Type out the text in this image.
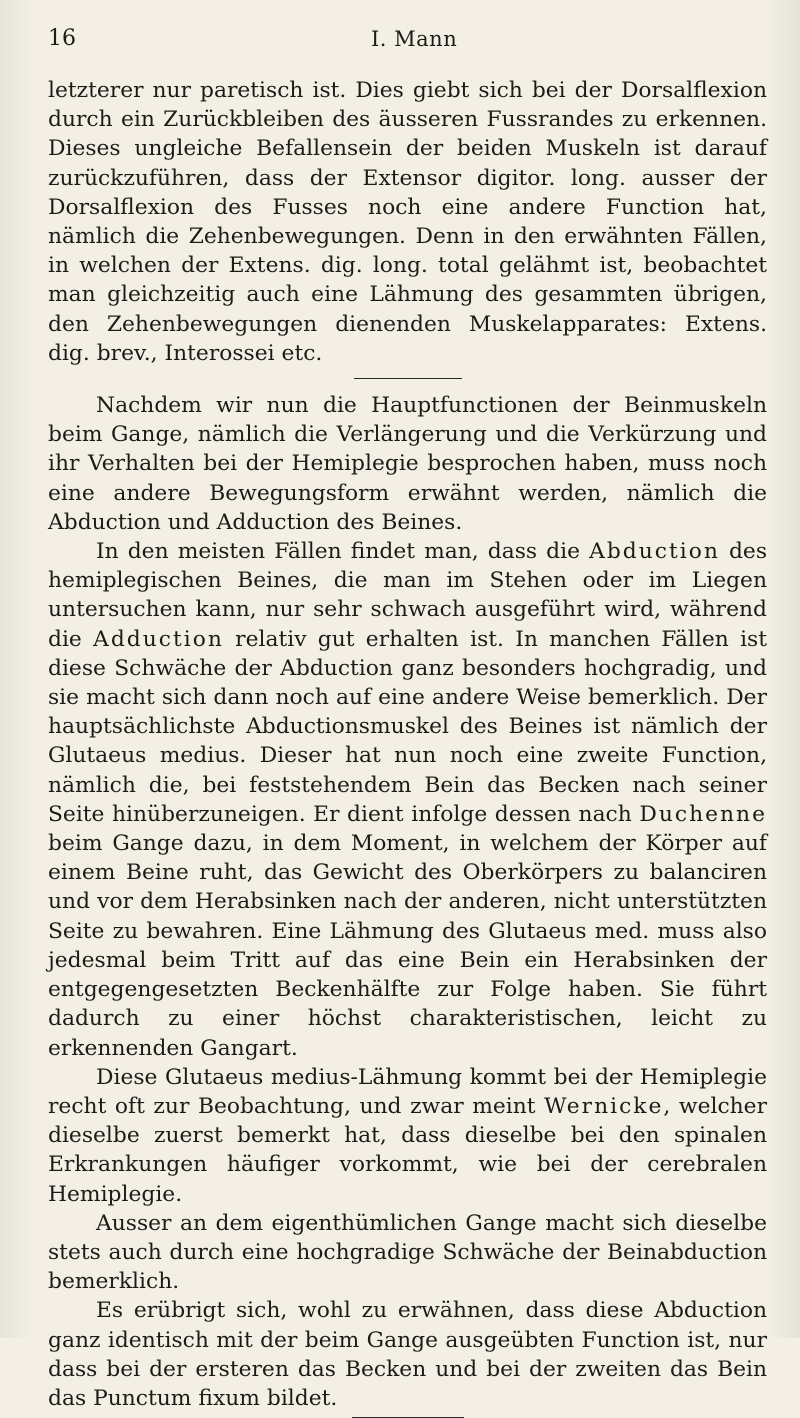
16	I. Mann

letzterer nur paretisch ist. Dies giebt sich bei der Dorsalflexion durch ein Zurückbleiben des äusseren Fussrandes zu erkennen. Dieses ungleiche Befallensein der beiden Muskeln ist darauf zurückzuführen, dass der Extensor digitor. long. ausser der Dorsalflexion des Fusses noch eine andere Function hat, nämlich die Zehenbewegungen. Denn in den erwähnten Fällen, in welchen der Extens. dig. long. total gelähmt ist, beobachtet man gleichzeitig auch eine Lähmung des gesammten übrigen, den Zehenbewegungen dienenden Muskelapparates: Extens. dig. brev., Interossei etc.

Nachdem wir nun die Hauptfunctionen der Beinmuskeln beim Gange, nämlich die Verlängerung und die Verkürzung und ihr Verhalten bei der Hemiplegie besprochen haben, muss noch eine andere Bewegungsform erwähnt werden, nämlich die Abduction und Adduction des Beines.

In den meisten Fällen findet man, dass die Abduction des hemiplegischen Beines, die man im Stehen oder im Liegen untersuchen kann, nur sehr schwach ausgeführt wird, während die Adduction relativ gut erhalten ist. In manchen Fällen ist diese Schwäche der Abduction ganz besonders hochgradig, und sie macht sich dann noch auf eine andere Weise bemerklich. Der hauptsächlichste Abductionsmuskel des Beines ist nämlich der Glutaeus medius. Dieser hat nun noch eine zweite Function, nämlich die, bei feststehendem Bein das Becken nach seiner Seite hinüberzuneigen. Er dient infolge dessen nach Duchenne beim Gange dazu, in dem Moment, in welchem der Körper auf einem Beine ruht, das Gewicht des Oberkörpers zu balanciren und vor dem Herabsinken nach der anderen, nicht unterstützten Seite zu bewahren. Eine Lähmung des Glutaeus med. muss also jedesmal beim Tritt auf das eine Bein ein Herabsinken der entgegengesetzten Beckenhälfte zur Folge haben. Sie führt dadurch zu einer höchst charakteristischen, leicht zu erkennenden Gangart.

Diese Glutaeus medius-Lähmung kommt bei der Hemiplegie recht oft zur Beobachtung, und zwar meint Wernicke, welcher dieselbe zuerst bemerkt hat, dass dieselbe bei den spinalen Erkrankungen häufiger vorkommt, wie bei der cerebralen Hemiplegie.

Ausser an dem eigenthümlichen Gange macht sich dieselbe stets auch durch eine hochgradige Schwäche der Beinabduction bemerklich.

Es erübrigt sich, wohl zu erwähnen, dass diese Abduction ganz identisch mit der beim Gange ausgeübten Function ist, nur dass bei der ersteren das Becken und bei der zweiten das Bein das Punctum fixum bildet.
